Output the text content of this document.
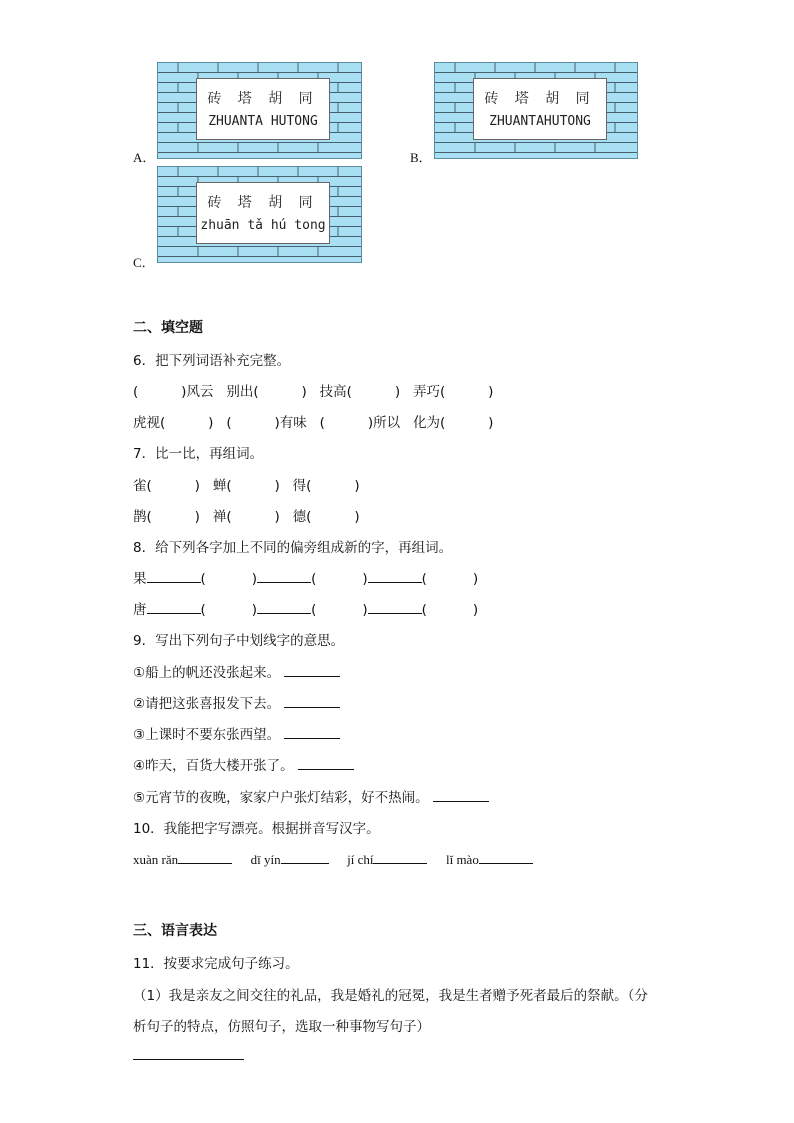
A．
砖 塔 胡 同
ZHUANTA HUTONG
B．
砖 塔 胡 同
ZHUANTAHUTONG
C．
砖 塔 胡 同
zhuān tǎ hú tong
二、填空题
6．把下列词语补充完整。
(          )风云   别出(          )   技高(          )   弄巧(          )
虎视(          )   (          )有味   (          )所以   化为(          )
7．比一比，再组词。
雀(          )   蝉(          )   得(          )
鹊(          )   禅(          )   德(          )
8．给下列各字加上不同的偏旁组成新的字，再组词。
果	(	)	(	)	(	)
唐	(	)	(	)	(	)
9．写出下列句子中划线字的意思。
①船上的帆还没张起来。
②请把这张喜报发下去。
③上课时不要东张西望。
④昨天，百货大楼开张了。
⑤元宵节的夜晚，家家户户张灯结彩，好不热闹。
10．我能把字写漂亮。根据拼音写汉字。
xuàn rǎn	dī yín	jí chí	lǐ mào
三、语言表达
11．按要求完成句子练习。
（1）我是亲友之间交往的礼品，我是婚礼的冠冕，我是生者赠予死者最后的祭献。（分
析句子的特点，仿照句子，选取一种事物写句子）
